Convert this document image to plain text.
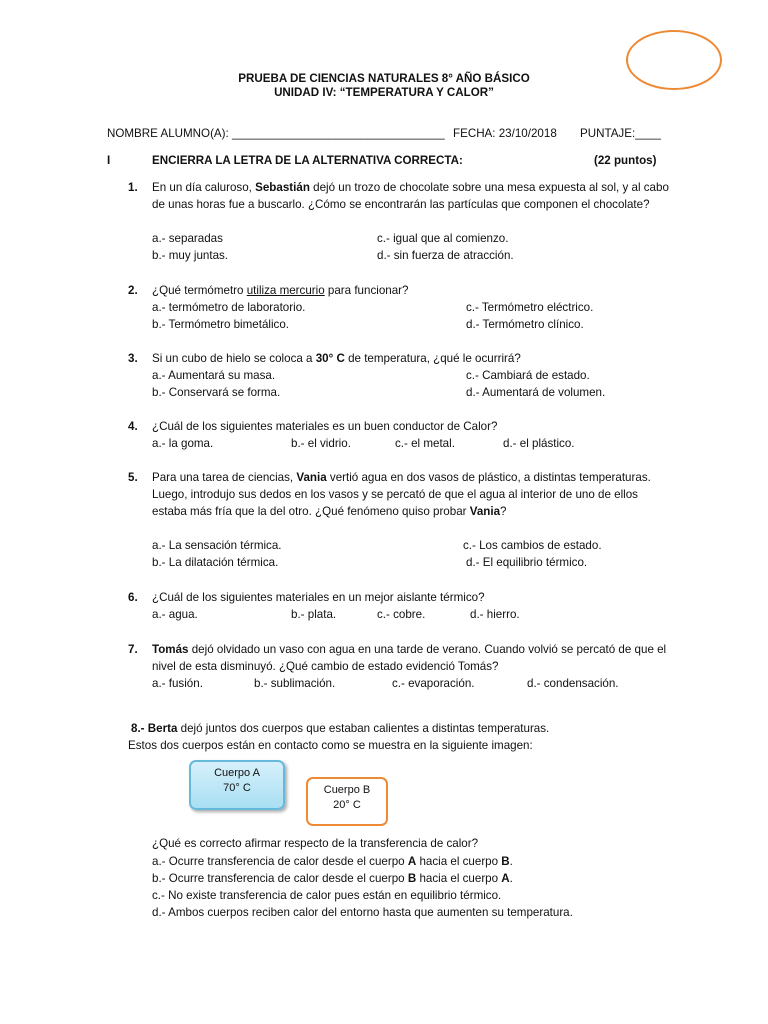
PRUEBA DE CIENCIAS NATURALES 8° AÑO BÁSICO
UNIDAD IV: “TEMPERATURA Y CALOR”
NOMBRE ALUMNO(A): _________________________________ FECHA: 23/10/2018 PUNTAJE:____
I	ENCIERRA LA LETRA DE LA ALTERNATIVA CORRECTA:	(22 puntos)
1. En un día caluroso, Sebastián dejó un trozo de chocolate sobre una mesa expuesta al sol, y al cabo de unas horas fue a buscarlo. ¿Cómo se encontrarán las partículas que componen el chocolate?
a.- separadas	c.- igual que al comienzo.
b.- muy juntas.	d.- sin fuerza de atracción.
2. ¿Qué termómetro utiliza mercurio para funcionar?
a.- termómetro de laboratorio.	c.- Termómetro eléctrico.
b.- Termómetro bimetálico.	d.- Termómetro clínico.
3. Si un cubo de hielo se coloca a 30° C de temperatura, ¿qué le ocurrirá?
a.- Aumentará su masa.	c.- Cambiará de estado.
b.- Conservará se forma.	d.- Aumentará de volumen.
4. ¿Cuál de los siguientes materiales es un buen conductor de Calor?
a.- la goma.	b.- el vidrio.	c.- el metal.	d.- el plástico.
5. Para una tarea de ciencias, Vania vertió agua en dos vasos de plástico, a distintas temperaturas. Luego, introdujo sus dedos en los vasos y se percató de que el agua al interior de uno de ellos estaba más fría que la del otro. ¿Qué fenómeno quiso probar Vania?
a.- La sensación térmica.	c.- Los cambios de estado.
b.- La dilatación térmica.	d.- El equilibrio térmico.
6. ¿Cuál de los siguientes materiales en un mejor aislante térmico?
a.- agua.	b.- plata.	c.- cobre.	d.- hierro.
7. Tomás dejó olvidado un vaso con agua en una tarde de verano. Cuando volvió se percató de que el nivel de esta disminuyó. ¿Qué cambio de estado evidenció Tomás?
a.- fusión.	b.- sublimación.	c.- evaporación.	d.- condensación.
8.- Berta dejó juntos dos cuerpos que estaban calientes a distintas temperaturas.
Estos dos cuerpos están en contacto como se muestra en la siguiente imagen:
Cuerpo A
70° C	Cuerpo B
20° C
¿Qué es correcto afirmar respecto de la transferencia de calor?
a.- Ocurre transferencia de calor desde el cuerpo A hacia el cuerpo B.
b.- Ocurre transferencia de calor desde el cuerpo B hacia el cuerpo A.
c.- No existe transferencia de calor pues están en equilibrio térmico.
d.- Ambos cuerpos reciben calor del entorno hasta que aumenten su temperatura.
